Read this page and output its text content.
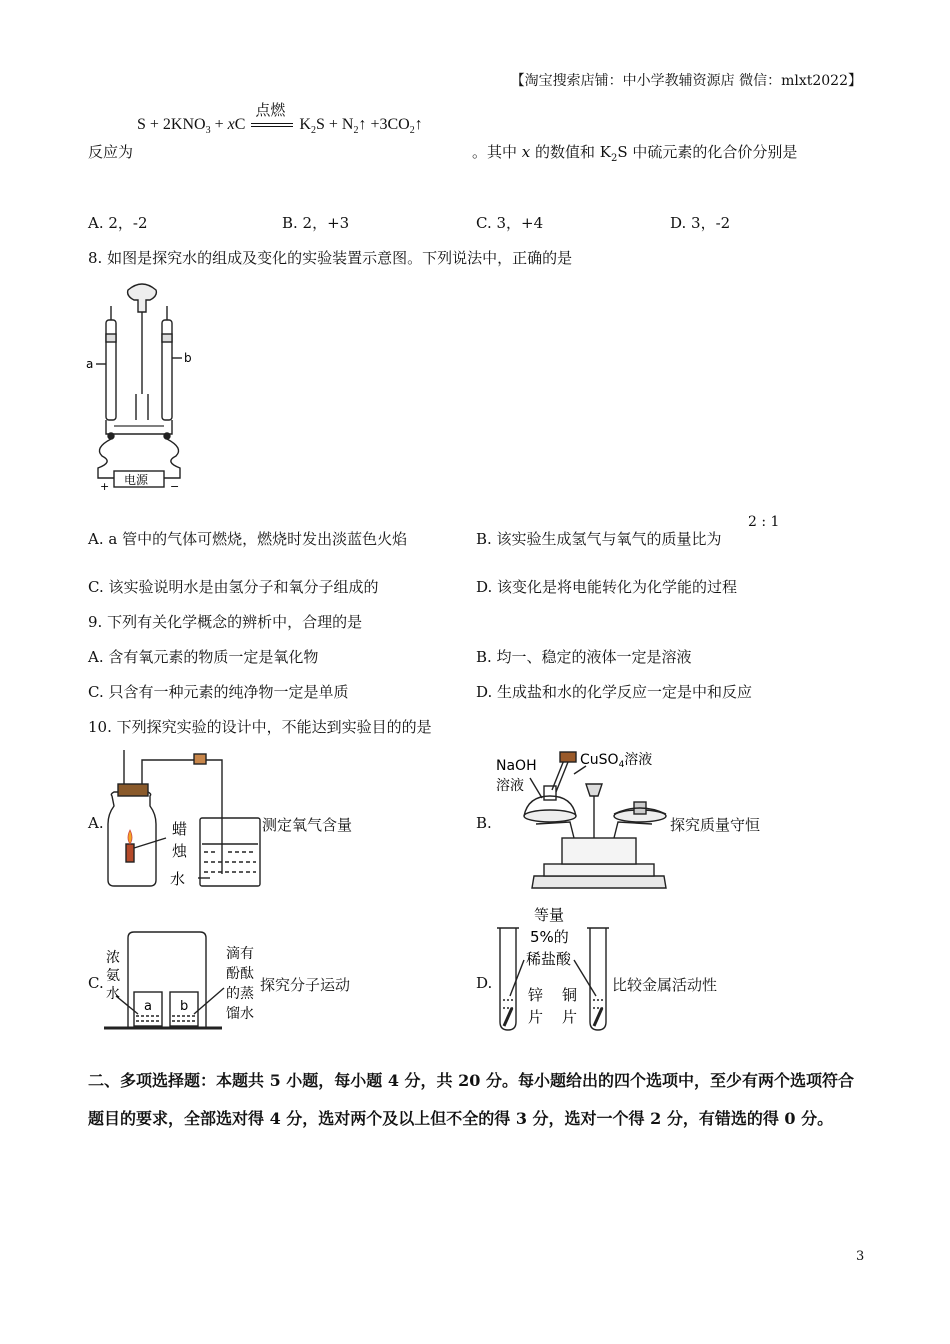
【淘宝搜索店铺：中小学教辅资源店 微信：mlxt2022】
$S + 2KNO_3$ + xC
点燃
$K_2S$ + $N_2↑$ $+3CO_2↑$
反应为	。其中 x 的数值和 $K_2S$ 中硫元素的化合价分别是
A. 2，-2	B. 2，+3	C. 3，+4	D. 3，-2
8. 如图是探究水的组成及变化的实验装置示意图。下列说法中，正确的是
a	b
电源
+	−
2 : 1
A. a 管中的气体可燃烧，燃烧时发出淡蓝色火焰	B. 该实验生成氢气与氧气的质量比为
C. 该实验说明水是由氢分子和氧分子组成的	D. 该变化是将电能转化为化学能的过程
9. 下列有关化学概念的辨析中，合理的是
A. 含有氧元素的物质一定是氧化物	B. 均一、稳定的液体一定是溶液
C. 只含有一种元素的纯净物一定是单质	D. 生成盐和水的化学反应一定是中和反应
10. 下列探究实验的设计中，不能达到实验目的的是
A.	蜡
烛
水
测定氧气含量	B.
NaOH
溶液
CuSO$_4$溶液
探究质量守恒
C.
a b
浓
氨
水
滴有
酚酞
的蒸
馏水
探究分子运动	D.
等量
5%的
稀盐酸
锌
片
铜
片
比较金属活动性
二、多项选择题：本题共 5 小题，每小题 4 分，共 20 分。每小题给出的四个选项中，至少有两个选项符合题目的要求，全部选对得 4 分，选对两个及以上但不全的得 3 分，选对一个得 2 分，有错选的得 0 分。
3
